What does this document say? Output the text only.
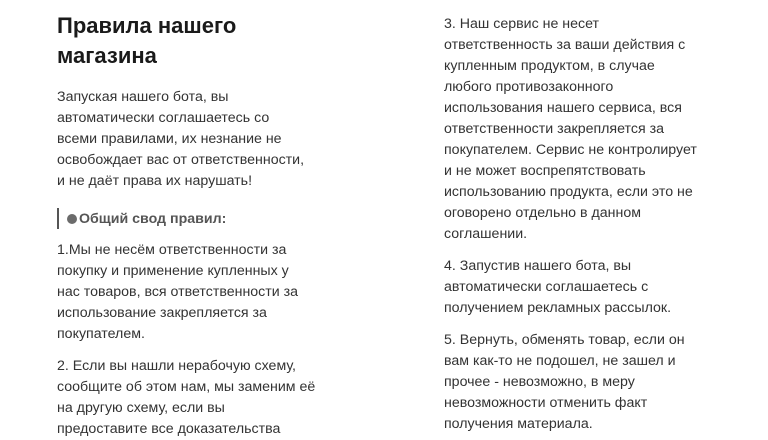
Правила нашего
магазина

Запуская нашего бота, вы
автоматически соглашаетесь со
всеми правилами, их незнание не
освобождает вас от ответственности,
и не даёт права их нарушать!

Общий свод правил:

1.Мы не несём ответственности за
покупку и применение купленных у
нас товаров, вся ответственности за
использование закрепляется за
покупателем.

2. Если вы нашли нерабочую схему,
сообщите об этом нам, мы заменим её
на другую схему, если вы
предоставите все доказательства

3. Наш сервис не несет
ответственность за ваши действия с
купленным продуктом, в случае
любого противозаконного
использования нашего сервиса, вся
ответственности закрепляется за
покупателем. Сервис не контролирует
и не может воспрепятствовать
использованию продукта, если это не
оговорено отдельно в данном
соглашении.

4. Запустив нашего бота, вы
автоматически соглашаетесь с
получением рекламных рассылок.

5. Вернуть, обменять товар, если он
вам как-то не подошел, не зашел и
прочее - невозможно, в меру
невозможности отменить факт
получения материала.
